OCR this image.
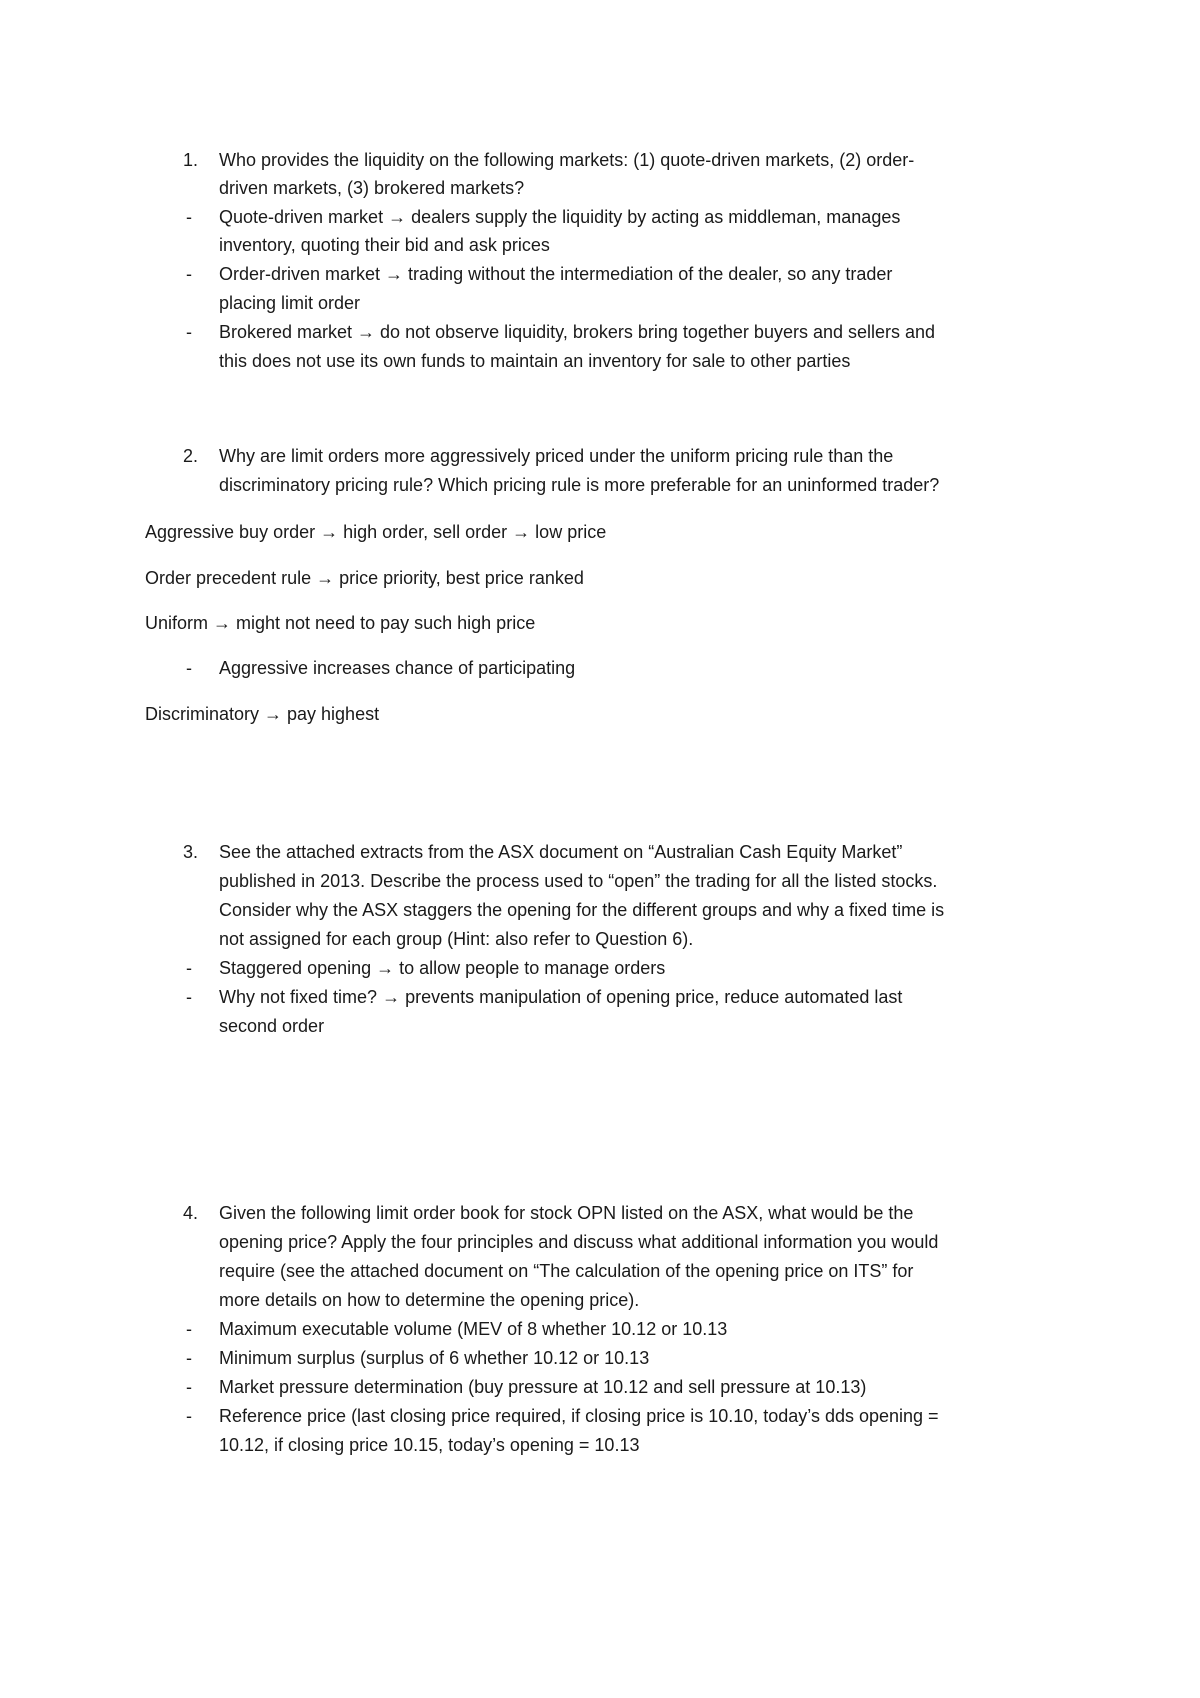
1. Who provides the liquidity on the following markets: (1) quote-driven markets, (2) order-
driven markets, (3) brokered markets?
- Quote-driven market → dealers supply the liquidity by acting as middleman, manages
inventory, quoting their bid and ask prices
- Order-driven market → trading without the intermediation of the dealer, so any trader
placing limit order
- Brokered market → do not observe liquidity, brokers bring together buyers and sellers and
this does not use its own funds to maintain an inventory for sale to other parties
2. Why are limit orders more aggressively priced under the uniform pricing rule than the
discriminatory pricing rule? Which pricing rule is more preferable for an uninformed trader?
Aggressive buy order → high order, sell order → low price
Order precedent rule → price priority, best price ranked
Uniform → might not need to pay such high price
- Aggressive increases chance of participating
Discriminatory → pay highest
3. See the attached extracts from the ASX document on “Australian Cash Equity Market”
published in 2013. Describe the process used to “open” the trading for all the listed stocks.
Consider why the ASX staggers the opening for the different groups and why a fixed time is
not assigned for each group (Hint: also refer to Question 6).
- Staggered opening → to allow people to manage orders
- Why not fixed time? → prevents manipulation of opening price, reduce automated last
second order
4. Given the following limit order book for stock OPN listed on the ASX, what would be the
opening price? Apply the four principles and discuss what additional information you would
require (see the attached document on “The calculation of the opening price on ITS” for
more details on how to determine the opening price).
- Maximum executable volume (MEV of 8 whether 10.12 or 10.13
- Minimum surplus (surplus of 6 whether 10.12 or 10.13
- Market pressure determination (buy pressure at 10.12 and sell pressure at 10.13)
- Reference price (last closing price required, if closing price is 10.10, today’s dds opening =
10.12, if closing price 10.15, today’s opening = 10.13
